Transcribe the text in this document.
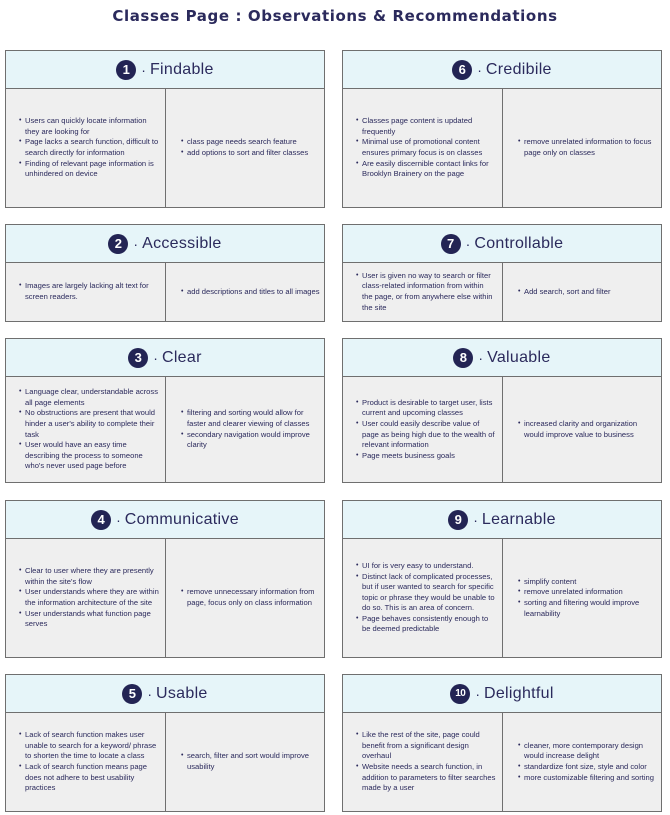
Classes Page : Observations & Recommendations
1 · Findable
• Users can quickly locate information they are looking for
• Page lacks a search function, difficult to search directly for information
• Finding of relevant page information is unhindered on device
• class page needs search feature
• add options to sort and filter classes
6 · Credibile
• Classes page content is updated frequently
• Minimal use of promotional content ensures primary focus is on classes
• Are easily discernible contact links for Brooklyn Brainery on the page
• remove unrelated information to focus page only on classes
2 · Accessible
• Images are largely lacking alt text for screen readers.
• add descriptions and titles to all images
7 · Controllable
• User is given no way to search or filter class-related information from within the page, or from anywhere else within the site
• Add search, sort and filter
3 · Clear
• Language clear, understandable across all page elements
• No obstructions are present that would hinder a user's ability to complete their task
• User would have an easy time describing the process to someone who's never used page before
• filtering and sorting would allow for faster and clearer viewing of classes
• secondary navigation would improve clarity
8 · Valuable
• Product is desirable to target user, lists current and upcoming classes
• User could easily describe value of page as being high due to the wealth of relevant information
• Page meets business goals
• increased clarity and organization would improve value to business
4 · Communicative
• Clear to user where they are presently within the site's flow
• User understands where they are within the information architecture of the site
• User understands what function page serves
• remove unnecessary information from page, focus only on class information
9 · Learnable
• UI for is very easy to understand.
• Distinct lack of complicated processes, but if user wanted to search for specific topic or phrase they would be unable to do so. This is an area of concern.
• Page behaves consistently enough to be deemed predictable
• simplify content
• remove unrelated information
• sorting and filtering would improve learnability
5 · Usable
• Lack of search function makes user unable to search for a keyword/ phrase to shorten the time to locate a class
• Lack of search function means page does not adhere to best usability practices
• search, filter and sort would improve usability
10 · Delightful
• Like the rest of the site, page could benefit from a significant design overhaul
• Website needs a search function, in addition to parameters to filter searches made by a user
• cleaner, more contemporary design would increase delight
• standardize font size, style and color
• more customizable filtering and sorting
